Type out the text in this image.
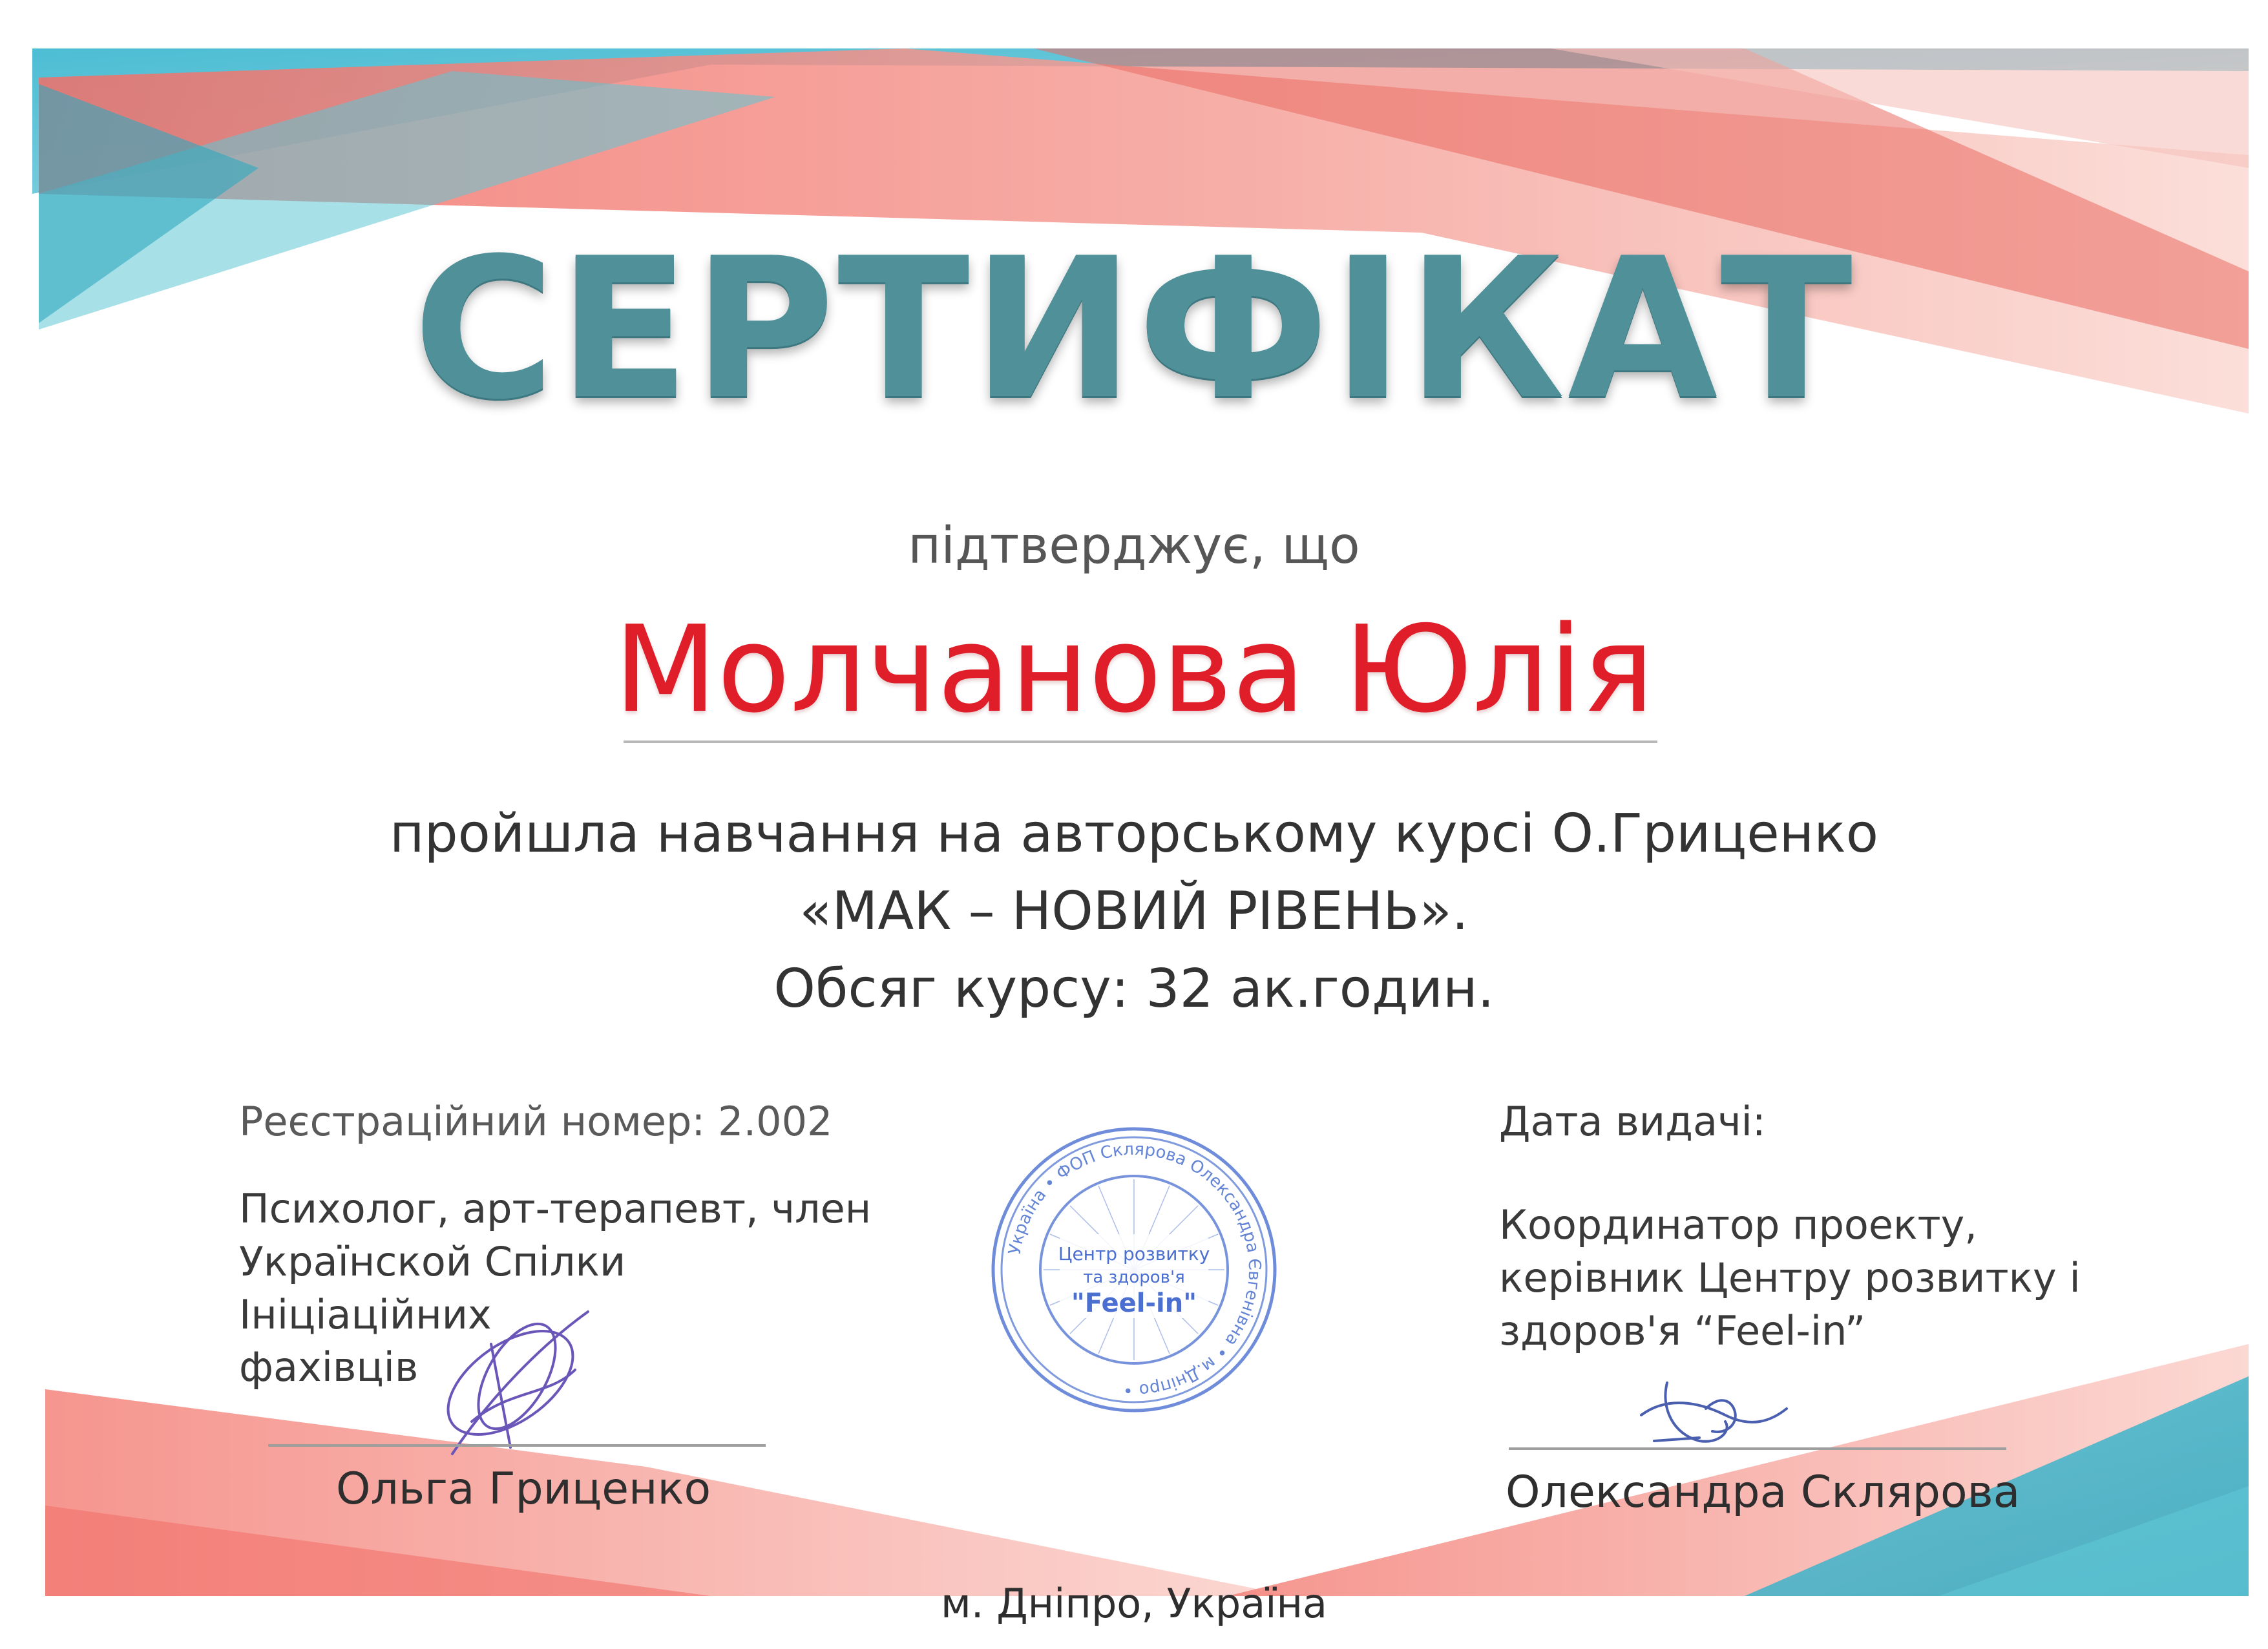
СЕРТИФІКАТ
підтверджує, що
Молчанова Юлія
пройшла навчання на авторському курсі О.Гриценко
«МАК – НОВИЙ РІВЕНЬ».
Обсяг курсу: 32 ак.годин.
Реєстраційний номер: 2.002
Психолог, арт-терапевт, член
Українской Спілки Ініціаційних
фахівців
Ольга Гриценко
Дата видачі:
Координатор проекту,
керівник Центру розвитку і
здоров'я “Feel-in”
Олександра Склярова
Україна • ФОП Склярова Олександра Євгенівна • м.Дніпро •
Центр розвитку
та здоров'я
"Feel-in"
м. Дніпро, Україна
